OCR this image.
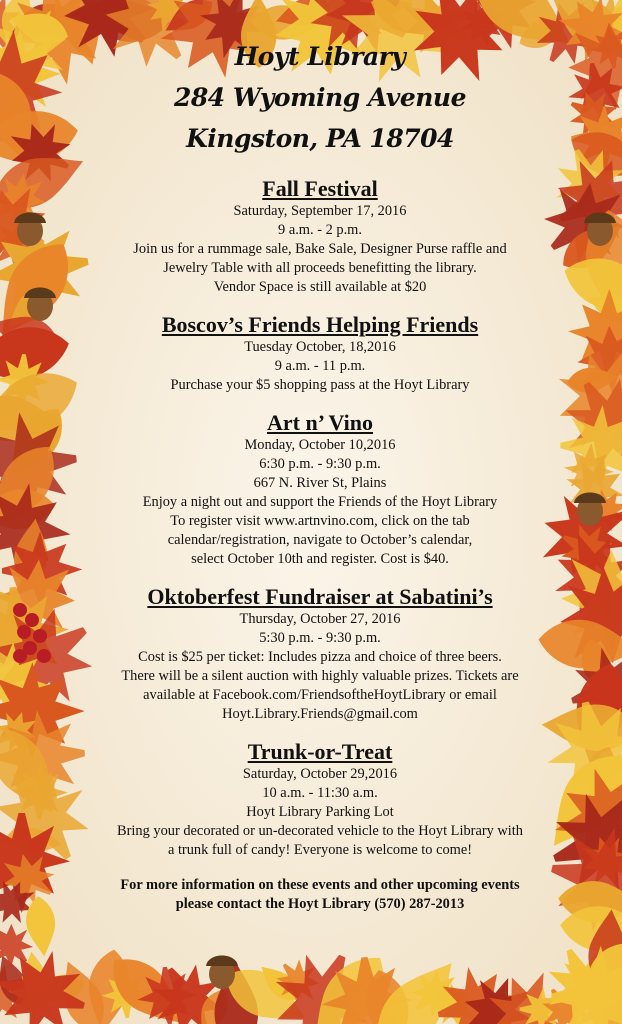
Hoyt Library

284 Wyoming Avenue

Kingston, PA 18704

Fall Festival

Saturday, September 17, 2016

9 a.m. - 2 p.m.

Join us for a rummage sale, Bake Sale, Designer Purse raffle and

Jewelry Table with all proceeds benefitting the library.

Vendor Space is still available at $20

Boscov’s Friends Helping Friends

Tuesday October, 18,2016

9 a.m. - 11 p.m.

Purchase your $5 shopping pass at the Hoyt Library

Art n’ Vino

Monday, October 10,2016

6:30 p.m. - 9:30 p.m.

667 N. River St, Plains

Enjoy a night out and support the Friends of the Hoyt Library

To register visit www.artnvino.com, click on the tab

calendar/registration, navigate to October’s calendar,

select October 10th and register. Cost is $40.

Oktoberfest Fundraiser at Sabatini’s

Thursday, October 27, 2016

5:30 p.m. - 9:30 p.m.

Cost is $25 per ticket: Includes pizza and choice of three beers.

There will be a silent auction with highly valuable prizes. Tickets are

available at Facebook.com/FriendsoftheHoytLibrary or email

Hoyt.Library.Friends@gmail.com

Trunk-or-Treat

Saturday, October 29,2016

10 a.m. - 11:30 a.m.

Hoyt Library Parking Lot

Bring your decorated or un-decorated vehicle to the Hoyt Library with

a trunk full of candy! Everyone is welcome to come!

For more information on these events and other upcoming events

please contact the Hoyt Library (570) 287-2013
